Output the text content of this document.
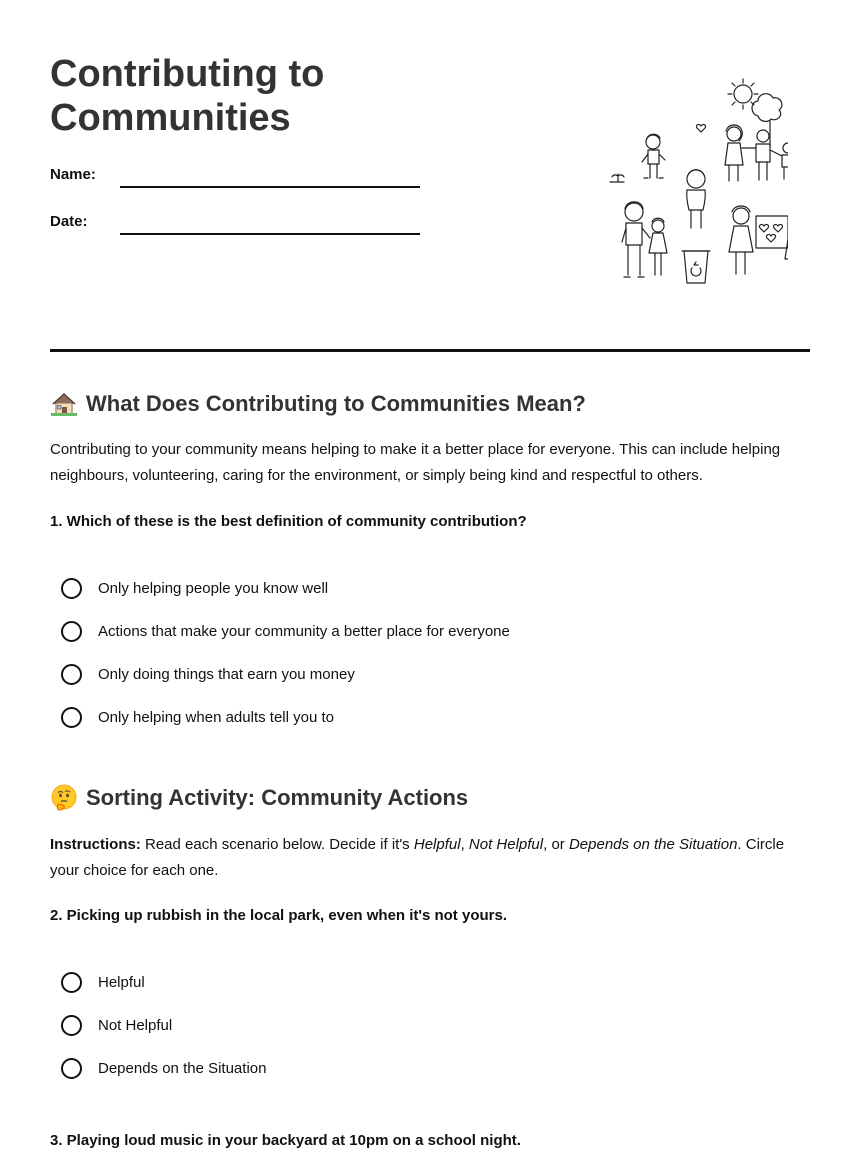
Contributing to Communities
Name:
Date:
What Does Contributing to Communities Mean?

Contributing to your community means helping to make it a better place for everyone. This can include helping neighbours, volunteering, caring for the environment, or simply being kind and respectful to others.

1. Which of these is the best definition of community contribution?

Only helping people you know well
Actions that make your community a better place for everyone
Only doing things that earn you money
Only helping when adults tell you to
Sorting Activity: Community Actions

Instructions: Read each scenario below. Decide if it's Helpful, Not Helpful, or Depends on the Situation. Circle your choice for each one.

2. Picking up rubbish in the local park, even when it's not yours.

Helpful
Not Helpful
Depends on the Situation

3. Playing loud music in your backyard at 10pm on a school night.
